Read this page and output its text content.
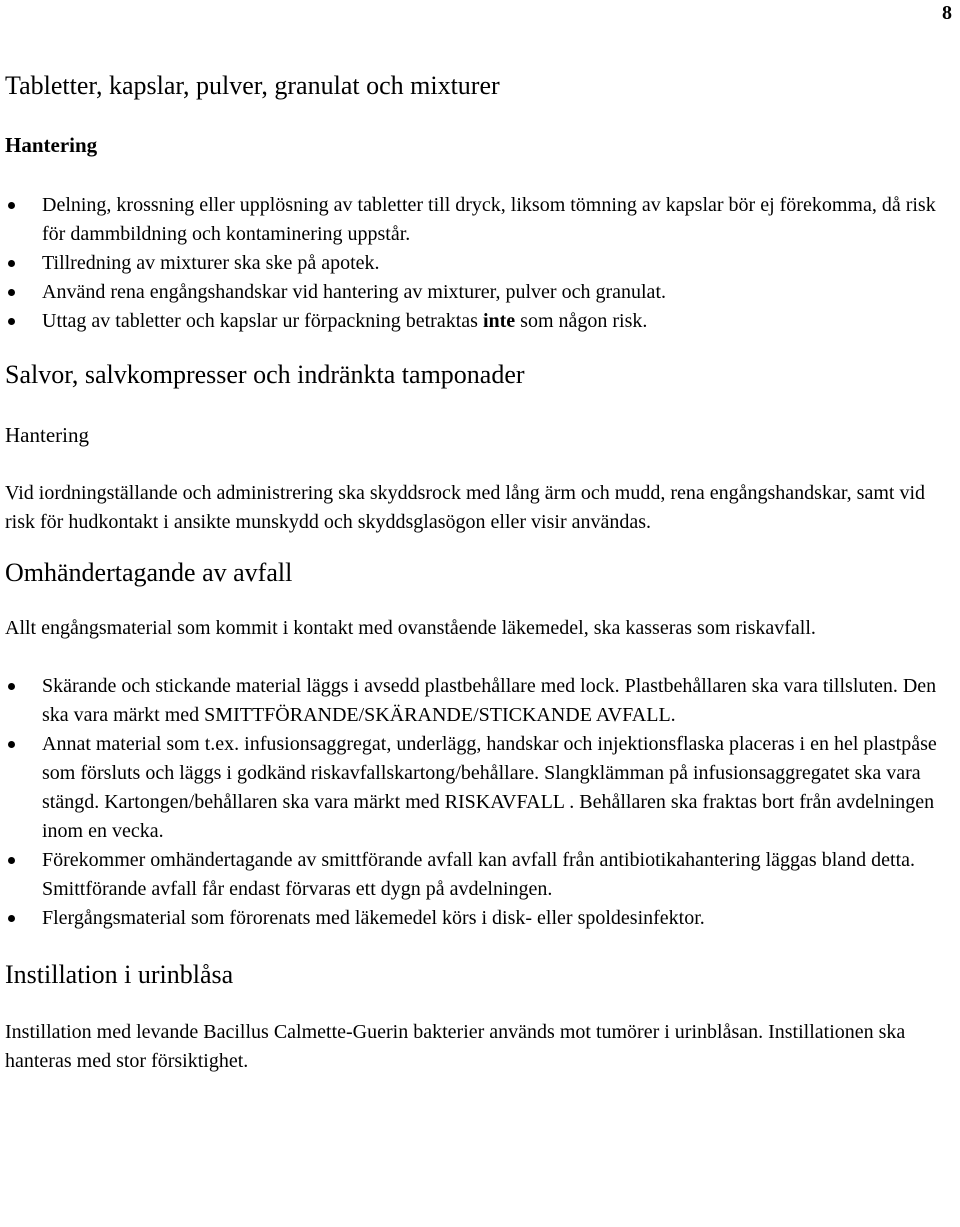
8
Tabletter, kapslar, pulver, granulat och mixturer
Hantering
Delning, krossning eller upplösning av tabletter till dryck, liksom tömning av kapslar bör ej förekomma, då risk för dammbildning och kontaminering uppstår.
Tillredning av mixturer ska ske på apotek.
Använd rena engångshandskar vid hantering av mixturer, pulver och granulat.
Uttag av tabletter och kapslar ur förpackning betraktas inte som någon risk.
Salvor, salvkompresser och indränkta tamponader
Hantering

Vid iordningställande och administrering ska skyddsrock med lång ärm och mudd, rena engångshandskar, samt vid risk för hudkontakt i ansikte munskydd och skyddsglasögon eller visir användas.

Omhändertagande av avfall

Allt engångsmaterial som kommit i kontakt med ovanstående läkemedel, ska kasseras som riskavfall.

Skärande och stickande material läggs i avsedd plastbehållare med lock. Plastbehållaren ska vara tillsluten. Den ska vara märkt med SMITTFÖRANDE/SKÄRANDE/STICKANDE AVFALL.
Annat material som t.ex. infusionsaggregat, underlägg, handskar och injektionsflaska placeras i en hel plastpåse som försluts och läggs i godkänd riskavfallskartong/behållare. Slangklämman på infusionsaggregatet ska vara stängd. Kartongen/behållaren ska vara märkt med RISKAVFALL . Behållaren ska fraktas bort från avdelningen inom en vecka.
Förekommer omhändertagande av smittförande avfall kan avfall från antibiotikahantering läggas bland detta. Smittförande avfall får endast förvaras ett dygn på avdelningen.
Flergångsmaterial som förorenats med läkemedel körs i disk- eller spoldesinfektor.
Instillation i urinblåsa

Instillation med levande Bacillus Calmette-Guerin bakterier används mot tumörer i urinblåsan. Instillationen ska hanteras med stor försiktighet.
